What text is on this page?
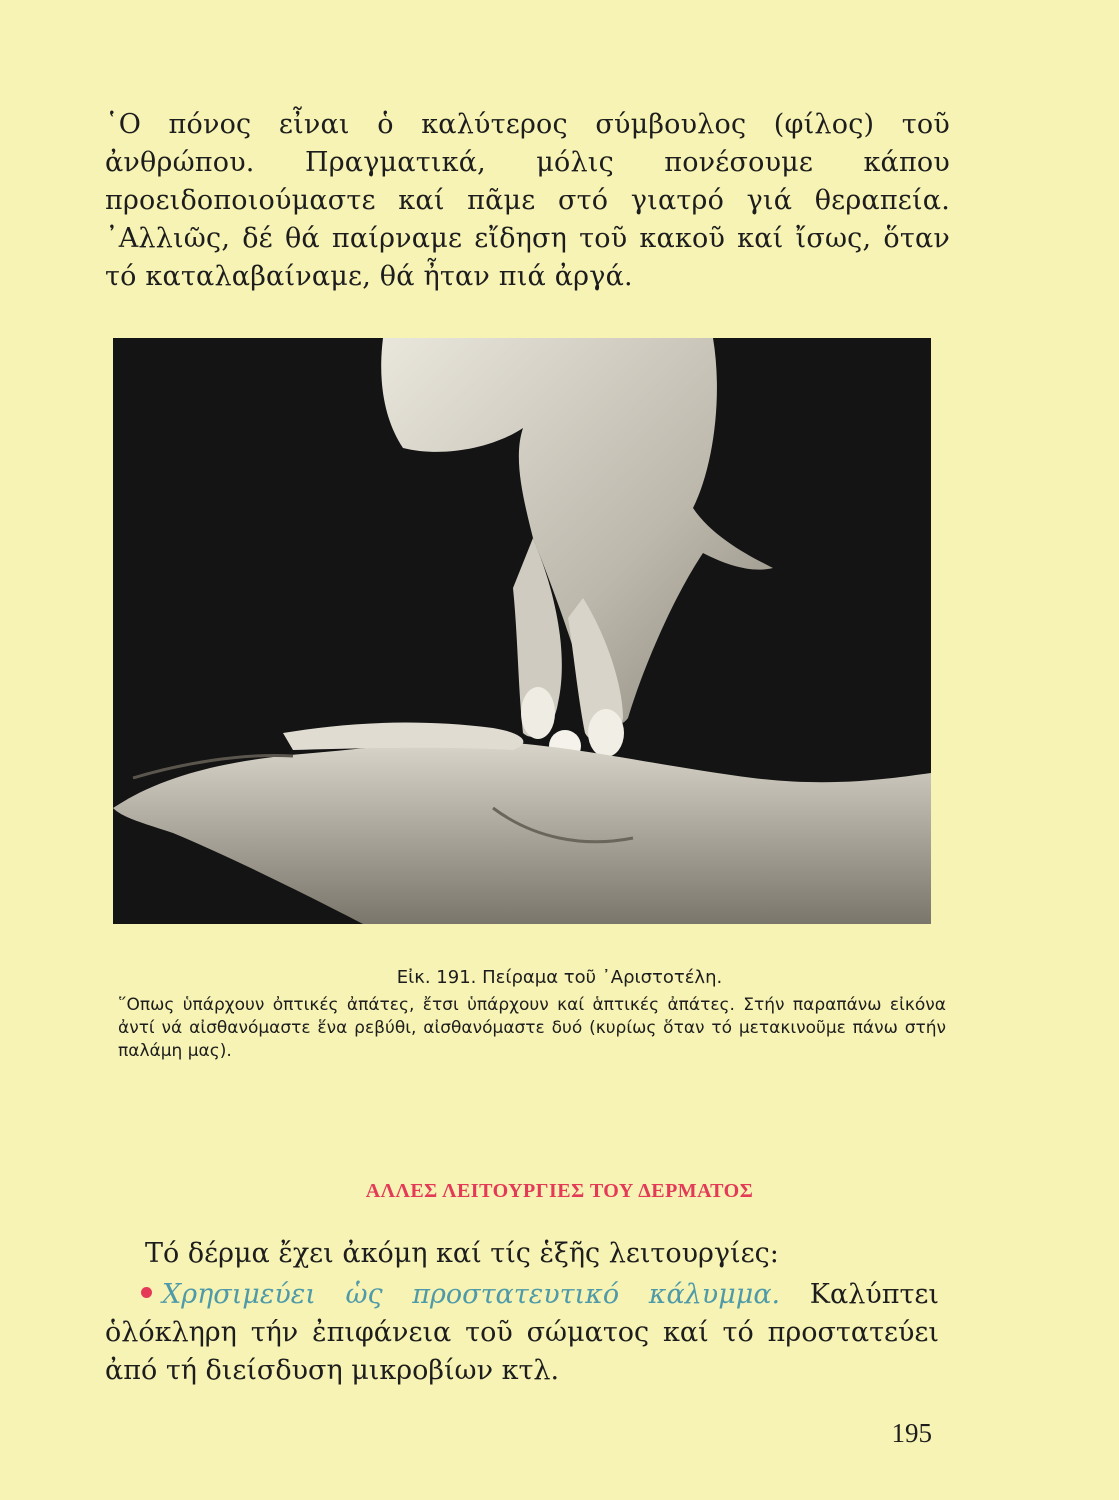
῾Ο πόνος εἶναι ὁ καλύτερος σύμβουλος (φίλος) τοῦ ἀνθρώπου. Πραγματικά, μόλις πονέσουμε κάπου προειδοποιούμαστε καί πᾶμε στό γιατρό γιά θεραπεία. ᾿Αλλιῶς, δέ θά παίρναμε εἴδηση τοῦ κακοῦ καί ἴσως, ὅταν τό καταλαβαίναμε, θά ἦταν πιά ἀργά.

Εἰκ. 191. Πείραμα τοῦ ᾿Αριστοτέλη.

῞Οπως ὑπάρχουν ὀπτικές ἀπάτες, ἔτσι ὑπάρχουν καί ἁπτικές ἀπάτες. Στήν παραπάνω εἰκόνα ἀντί νά αἰσθανόμαστε ἕνα ρεβύθι, αἰσθανόμαστε δυό (κυρίως ὅταν τό μετακινοῦμε πάνω στήν παλάμη μας).

ΑΛΛΕΣ ΛΕΙΤΟΥΡΓΙΕΣ ΤΟΥ ΔΕΡΜΑΤΟΣ

Τό δέρμα ἔχει ἀκόμη καί τίς ἑξῆς λειτουργίες:

Χρησιμεύει ὡς προστατευτικό κάλυμμα. Καλύπτει ὁλόκληρη τήν ἐπιφάνεια τοῦ σώματος καί τό προστατεύει ἀπό τή διείσδυση μικροβίων κτλ.

195
